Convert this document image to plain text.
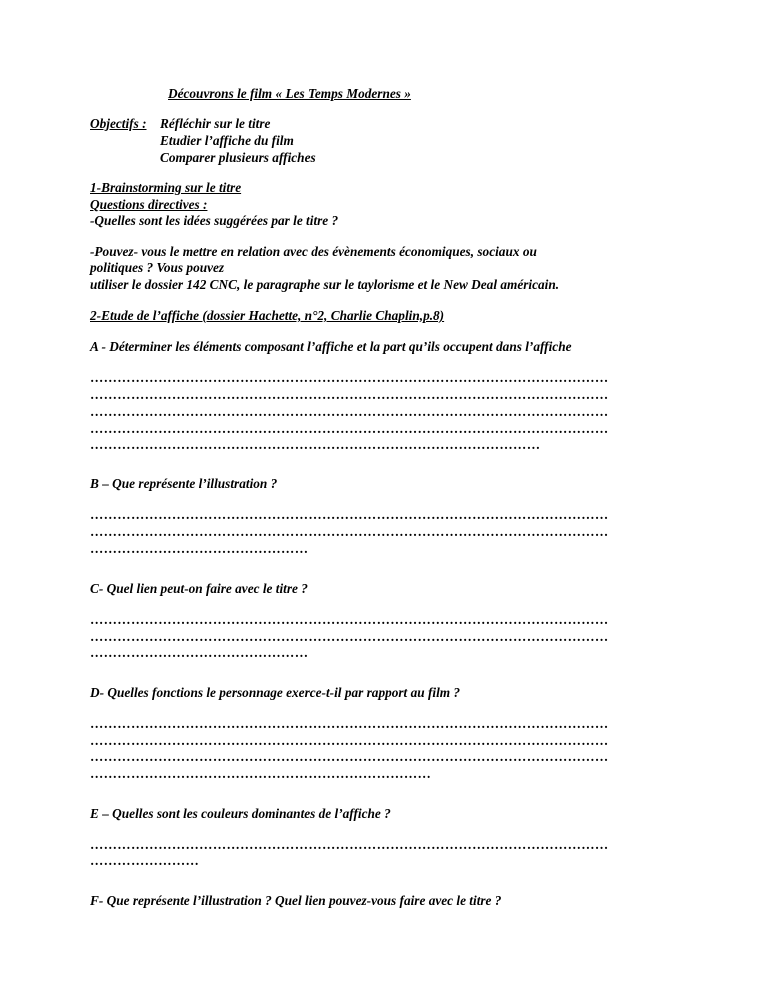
Découvrons le film « Les Temps Modernes »
Objectifs : Réfléchir sur le titre
Etudier l’affiche du film
Comparer plusieurs affiches
1-Brainstorming sur le titre
Questions directives :
-Quelles sont les idées suggérées par le titre ?
-Pouvez- vous le mettre en relation avec des évènements économiques, sociaux ou
politiques ? Vous pouvez
utiliser le dossier 142 CNC, le paragraphe sur le taylorisme et le New Deal américain.
2-Etude de l’affiche (dossier Hachette, n°2, Charlie Chaplin,p.8)
A - Déterminer les éléments composant l’affiche et la part qu’ils occupent dans l’affiche
……………………………………………………………………………………………………
……………………………………………………………………………………………………
……………………………………………………………………………………………………
……………………………………………………………………………………………………
………………………………………………………………………………………
B – Que représente l’illustration ?
……………………………………………………………………………………………………
……………………………………………………………………………………………………
…………………………………………
C- Quel lien peut-on faire avec le titre ?
……………………………………………………………………………………………………
……………………………………………………………………………………………………
…………………………………………
D- Quelles fonctions le personnage exerce-t-il par rapport au film ?
……………………………………………………………………………………………………
……………………………………………………………………………………………………
……………………………………………………………………………………………………
…………………………………………………………………
E – Quelles sont les couleurs dominantes de l’affiche ?
……………………………………………………………………………………………………
……………………
F- Que représente l’illustration ? Quel lien pouvez-vous faire avec le titre ?
